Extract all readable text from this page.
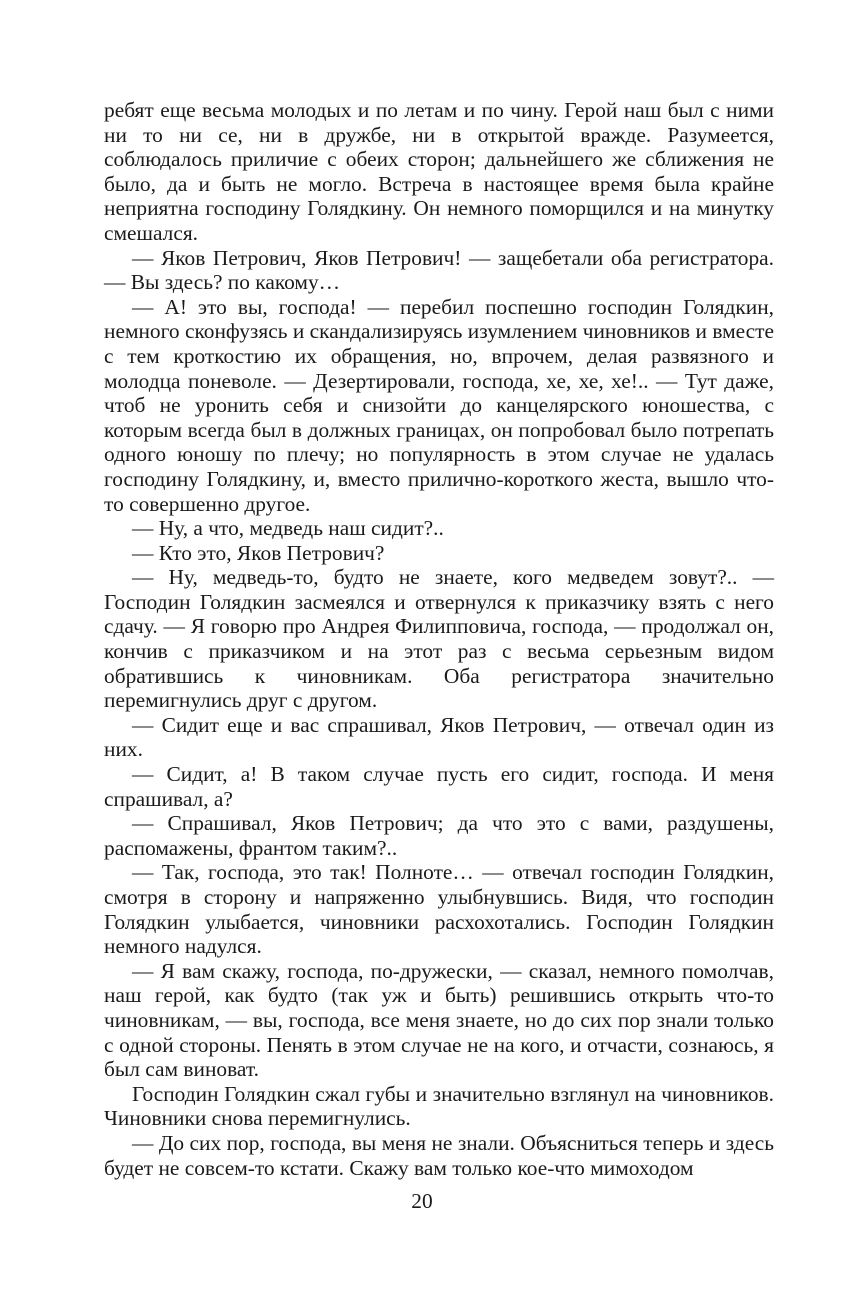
ребят еще весьма молодых и по летам и по чину. Герой наш был с ними ни то ни се, ни в дружбе, ни в открытой вражде. Разумеется, соблюдалось приличие с обеих сторон; дальнейшего же сближения не было, да и быть не могло. Встреча в настоящее время была крайне неприятна господину Голядкину. Он немного поморщился и на минутку смешался.

— Яков Петрович, Яков Петрович! — защебетали оба регистратора. — Вы здесь? по какому…

— А! это вы, господа! — перебил поспешно господин Голядкин, немного сконфузясь и скандализируясь изумлением чиновников и вместе с тем кроткостию их обращения, но, впрочем, делая развязного и молодца поневоле. — Дезертировали, господа, хе, хе, хе!.. — Тут даже, чтоб не уронить себя и снизойти до канцелярского юношества, с которым всегда был в должных границах, он попробовал было потрепать одного юношу по плечу; но популярность в этом случае не удалась господину Голядкину, и, вместо прилично-короткого жеста, вышло что-то совершенно другое.

— Ну, а что, медведь наш сидит?..

— Кто это, Яков Петрович?

— Ну, медведь-то, будто не знаете, кого медведем зовут?.. — Господин Голядкин засмеялся и отвернулся к приказчику взять с него сдачу. — Я говорю про Андрея Филипповича, господа, — продолжал он, кончив с приказчиком и на этот раз с весьма серьезным видом обратившись к чиновникам. Оба регистратора значительно перемигнулись друг с другом.

— Сидит еще и вас спрашивал, Яков Петрович, — отвечал один из них.

— Сидит, а! В таком случае пусть его сидит, господа. И меня спрашивал, а?

— Спрашивал, Яков Петрович; да что это с вами, раздушены, распомажены, франтом таким?..

— Так, господа, это так! Полноте… — отвечал господин Голядкин, смотря в сторону и напряженно улыбнувшись. Видя, что господин Голядкин улыбается, чиновники расхохотались. Господин Голядкин немного надулся.

— Я вам скажу, господа, по-дружески, — сказал, немного помолчав, наш герой, как будто (так уж и быть) решившись открыть что-то чиновникам, — вы, господа, все меня знаете, но до сих пор знали только с одной стороны. Пенять в этом случае не на кого, и отчасти, сознаюсь, я был сам виноват.

Господин Голядкин сжал губы и значительно взглянул на чиновников. Чиновники снова перемигнулись.

— До сих пор, господа, вы меня не знали. Объясниться теперь и здесь будет не совсем-то кстати. Скажу вам только кое-что мимоходом

20
